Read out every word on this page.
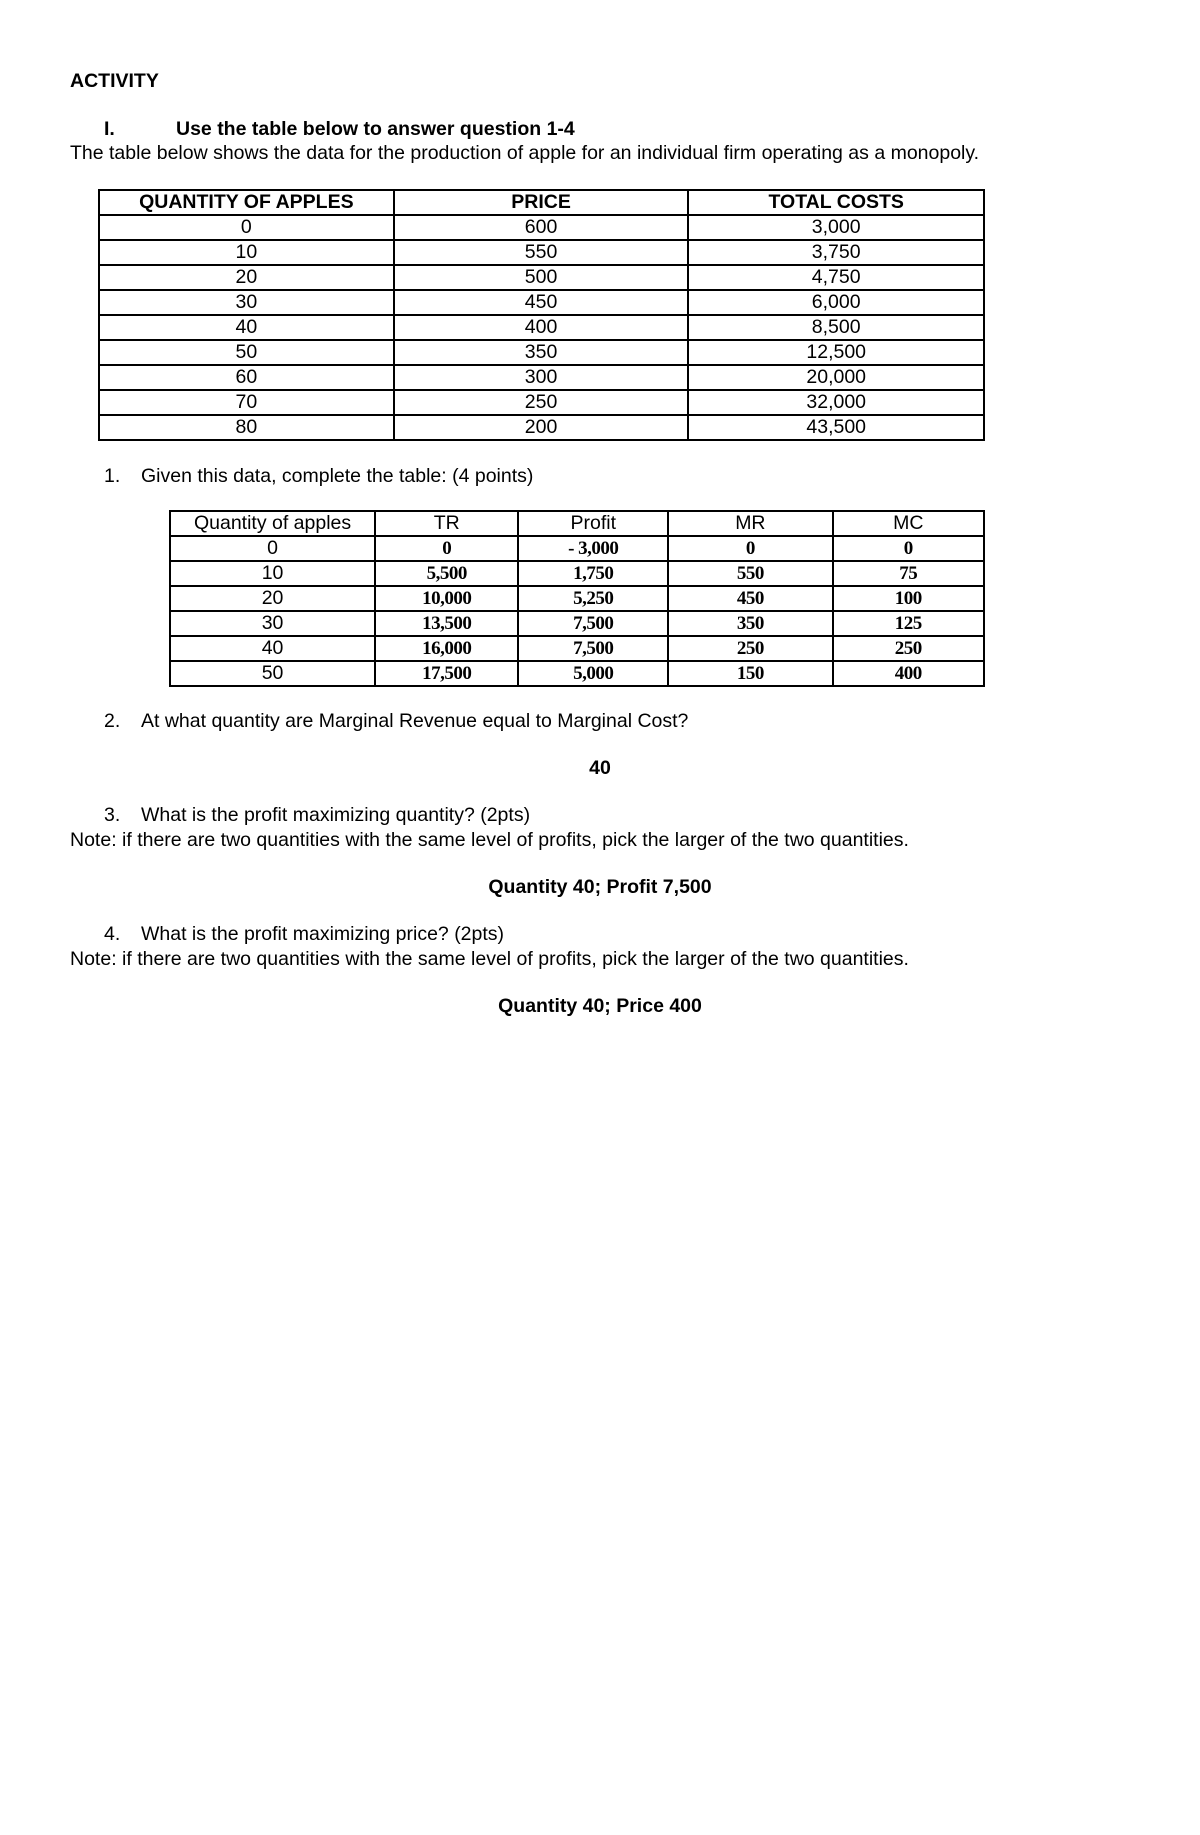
ACTIVITY
I.	Use the table below to answer question 1-4
The table below shows the data for the production of apple for an individual firm operating as a monopoly.
QUANTITY OF APPLES	PRICE	TOTAL COSTS
0	600	3,000
10	550	3,750
20	500	4,750
30	450	6,000
40	400	8,500
50	350	12,500
60	300	20,000
70	250	32,000
80	200	43,500
1. Given this data, complete the table: (4 points)
Quantity of apples	TR	Profit	MR	MC
0	0	- 3,000	0	0
10	5,500	1,750	550	75
20	10,000	5,250	450	100
30	13,500	7,500	350	125
40	16,000	7,500	250	250
50	17,500	5,000	150	400
2. At what quantity are Marginal Revenue equal to Marginal Cost?
40
3. What is the profit maximizing quantity? (2pts)
Note: if there are two quantities with the same level of profits, pick the larger of the two quantities.
Quantity 40; Profit 7,500
4. What is the profit maximizing price? (2pts)
Note: if there are two quantities with the same level of profits, pick the larger of the two quantities.
Quantity 40; Price 400
